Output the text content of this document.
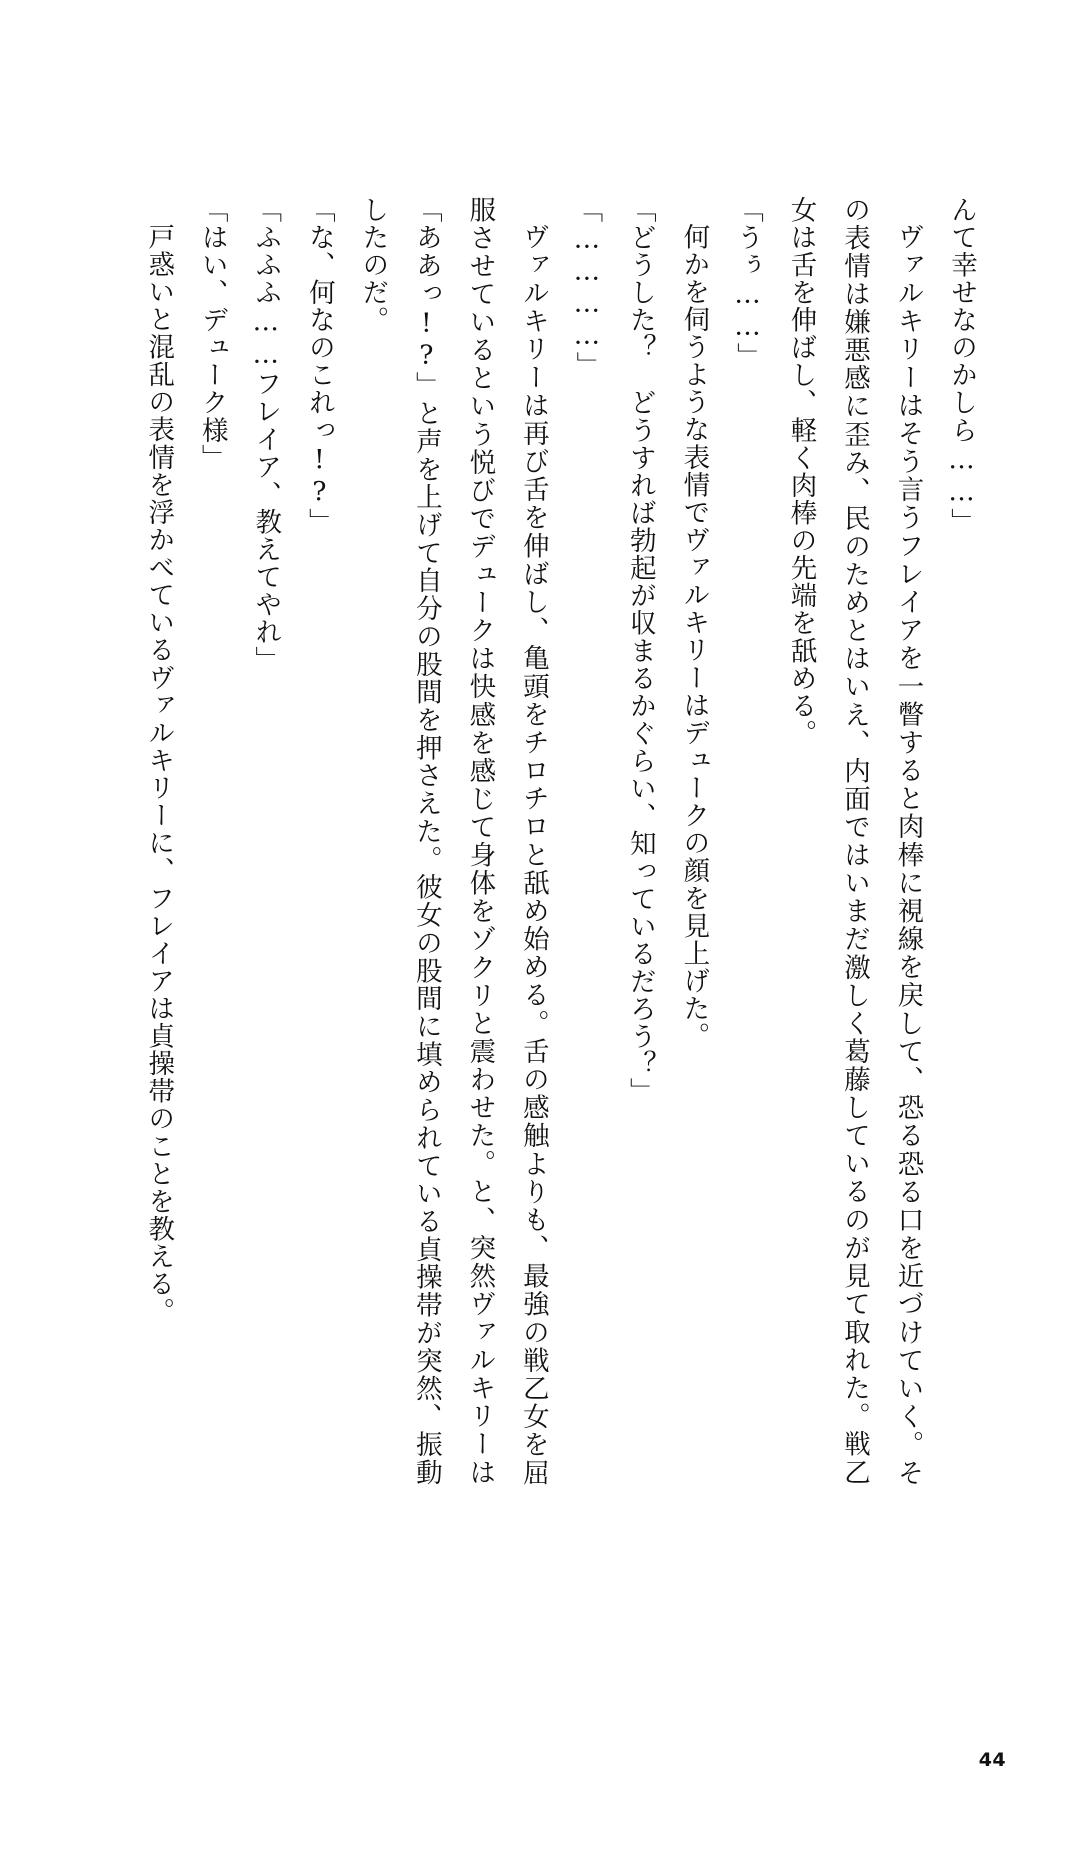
んて幸せなのかしら……」

ヴァルキリーはそう言うフレイアを一瞥すると肉棒に視線を戻して、恐る恐る口を近づけていく。その表情は嫌悪感に歪み、民のためとはいえ、内面ではいまだ激しく葛藤しているのが見て取れた。戦乙女は舌を伸ばし、軽く肉棒の先端を舐める。

「うぅ……」

何かを伺うような表情でヴァルキリーはデュークの顔を見上げた。

「どうした？　どうすれば勃起が収まるかぐらい、知っているだろう？」

「…………」

ヴァルキリーは再び舌を伸ばし、亀頭をチロチロと舐め始める。舌の感触よりも、最強の戦乙女を屈服させているという悦びでデュークは快感を感じて身体をゾクリと震わせた。と、突然ヴァルキリーは「ああっ!?」と声を上げて自分の股間を押さえた。彼女の股間に填められている貞操帯が突然、振動したのだ。

「な、何なのこれっ!?」

「ふふふ……フレイア、教えてやれ」

「はい、デューク様」

戸惑いと混乱の表情を浮かべているヴァルキリーに、フレイアは貞操帯のことを教える。

44
